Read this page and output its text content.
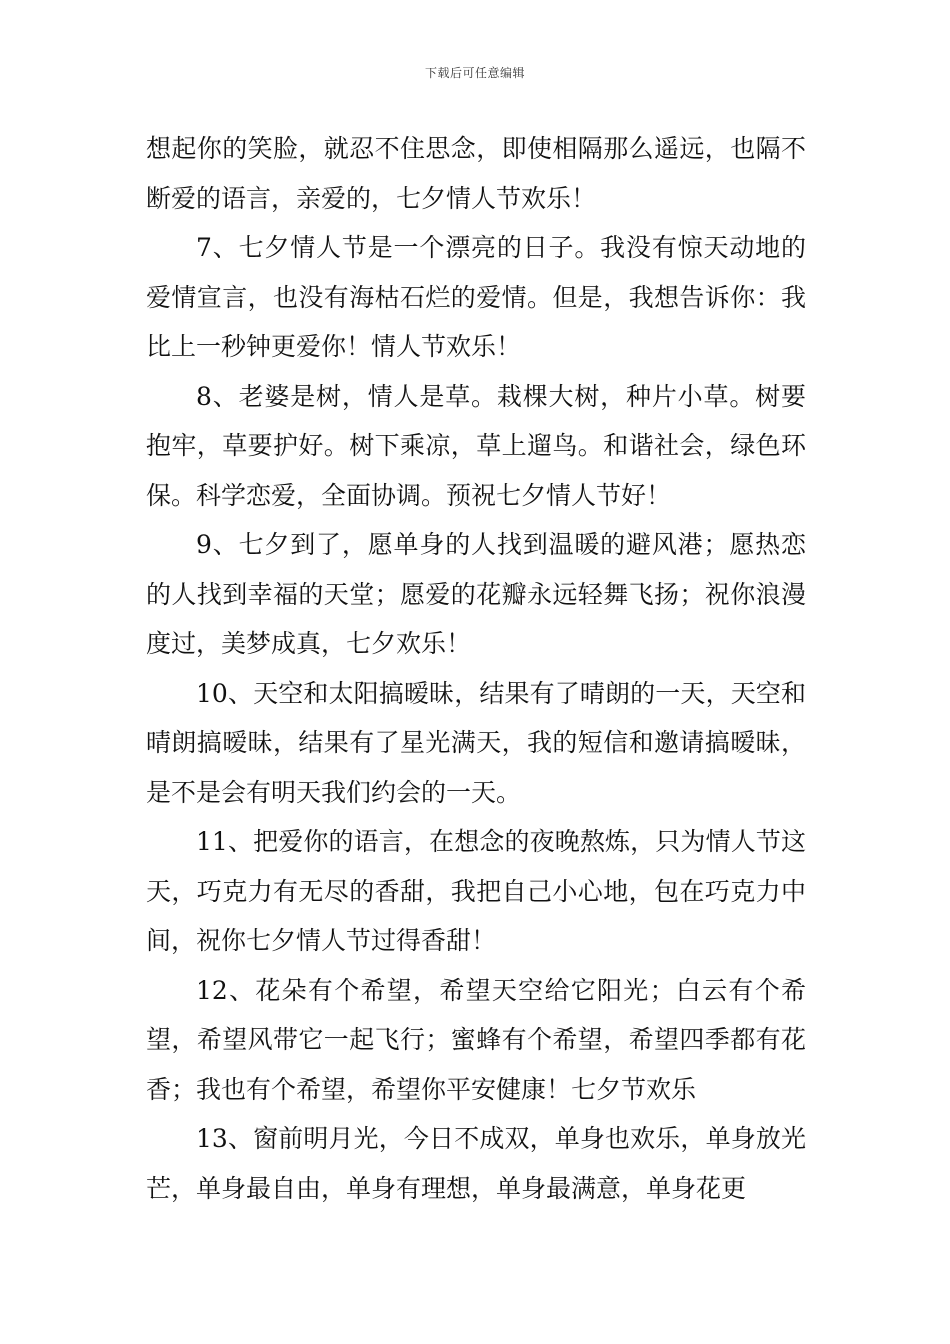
下载后可任意编辑

想起你的笑脸，就忍不住思念，即使相隔那么遥远，也隔不断爱的语言，亲爱的，七夕情人节欢乐！

7、七夕情人节是一个漂亮的日子。我没有惊天动地的爱情宣言，也没有海枯石烂的爱情。但是，我想告诉你：我比上一秒钟更爱你！情人节欢乐！

8、老婆是树，情人是草。栽棵大树，种片小草。树要抱牢，草要护好。树下乘凉，草上遛鸟。和谐社会，绿色环保。科学恋爱，全面协调。预祝七夕情人节好！

9、七夕到了，愿单身的人找到温暖的避风港；愿热恋的人找到幸福的天堂；愿爱的花瓣永远轻舞飞扬；祝你浪漫度过，美梦成真，七夕欢乐！

10、天空和太阳搞暧昧，结果有了晴朗的一天，天空和晴朗搞暧昧，结果有了星光满天，我的短信和邀请搞暧昧，是不是会有明天我们约会的一天。

11、把爱你的语言，在想念的夜晚熬炼，只为情人节这天，巧克力有无尽的香甜，我把自己小心地，包在巧克力中间，祝你七夕情人节过得香甜！

12、花朵有个希望，希望天空给它阳光；白云有个希望，希望风带它一起飞行；蜜蜂有个希望，希望四季都有花香；我也有个希望，希望你平安健康！七夕节欢乐

13、窗前明月光，今日不成双，单身也欢乐，单身放光芒，单身最自由，单身有理想，单身最满意，单身花更
